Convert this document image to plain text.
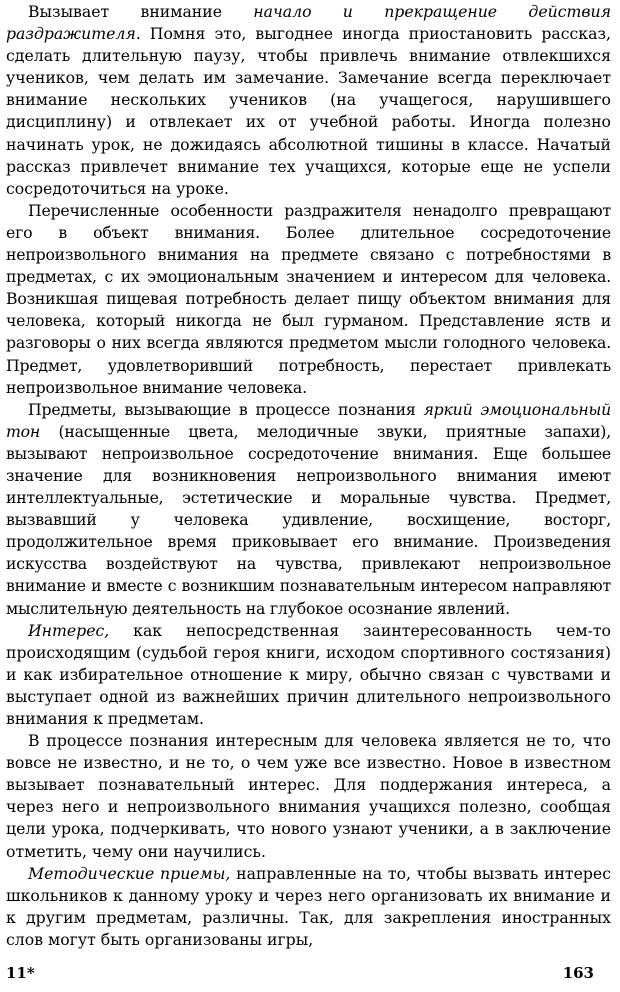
Вызывает внимание начало и прекращение действия раздражителя. Помня это, выгоднее иногда приостановить рассказ, сделать длительную паузу, чтобы привлечь внимание отвлекшихся учеников, чем делать им замечание. Замечание всегда переключает внимание нескольких учеников (на учащегося, нарушившего дисциплину) и отвлекает их от учебной работы. Иногда полезно начинать урок, не дожидаясь абсолютной тишины в классе. Начатый рассказ привлечет внимание тех учащихся, которые еще не успели сосредоточиться на уроке.

Перечисленные особенности раздражителя ненадолго превращают его в объект внимания. Более длительное сосредоточение непроизвольного внимания на предмете связано с потребностями в предметах, с их эмоциональным значением и интересом для человека. Возникшая пищевая потребность делает пищу объектом внимания для человека, который никогда не был гурманом. Представление яств и разговоры о них всегда являются предметом мысли голодного человека. Предмет, удовлетворивший потребность, перестает привлекать непроизвольное внимание человека.

Предметы, вызывающие в процессе познания яркий эмоциональный тон (насыщенные цвета, мелодичные звуки, приятные запахи), вызывают непроизвольное сосредоточение внимания. Еще большее значение для возникновения непроизвольного внимания имеют интеллектуальные, эстетические и моральные чувства. Предмет, вызвавший у человека удивление, восхищение, восторг, продолжительное время приковывает его внимание. Произведения искусства воздействуют на чувства, привлекают непроизвольное внимание и вместе с возникшим познавательным интересом направляют мыслительную деятельность на глубокое осознание явлений.

Интерес, как непосредственная заинтересованность чем-то происходящим (судьбой героя книги, исходом спортивного состязания) и как избирательное отношение к миру, обычно связан с чувствами и выступает одной из важнейших причин длительного непроизвольного внимания к предметам.

В процессе познания интересным для человека является не то, что вовсе не известно, и не то, о чем уже все известно. Новое в известном вызывает познавательный интерес. Для поддержания интереса, а через него и непроизвольного внимания учащихся полезно, сообщая цели урока, подчеркивать, что нового узнают ученики, а в заключение отметить, чему они научились.

Методические приемы, направленные на то, чтобы вызвать интерес школьников к данному уроку и через него организовать их внимание и к другим предметам, различны. Так, для закрепления иностранных слов могут быть организованы игры,

11*	163
